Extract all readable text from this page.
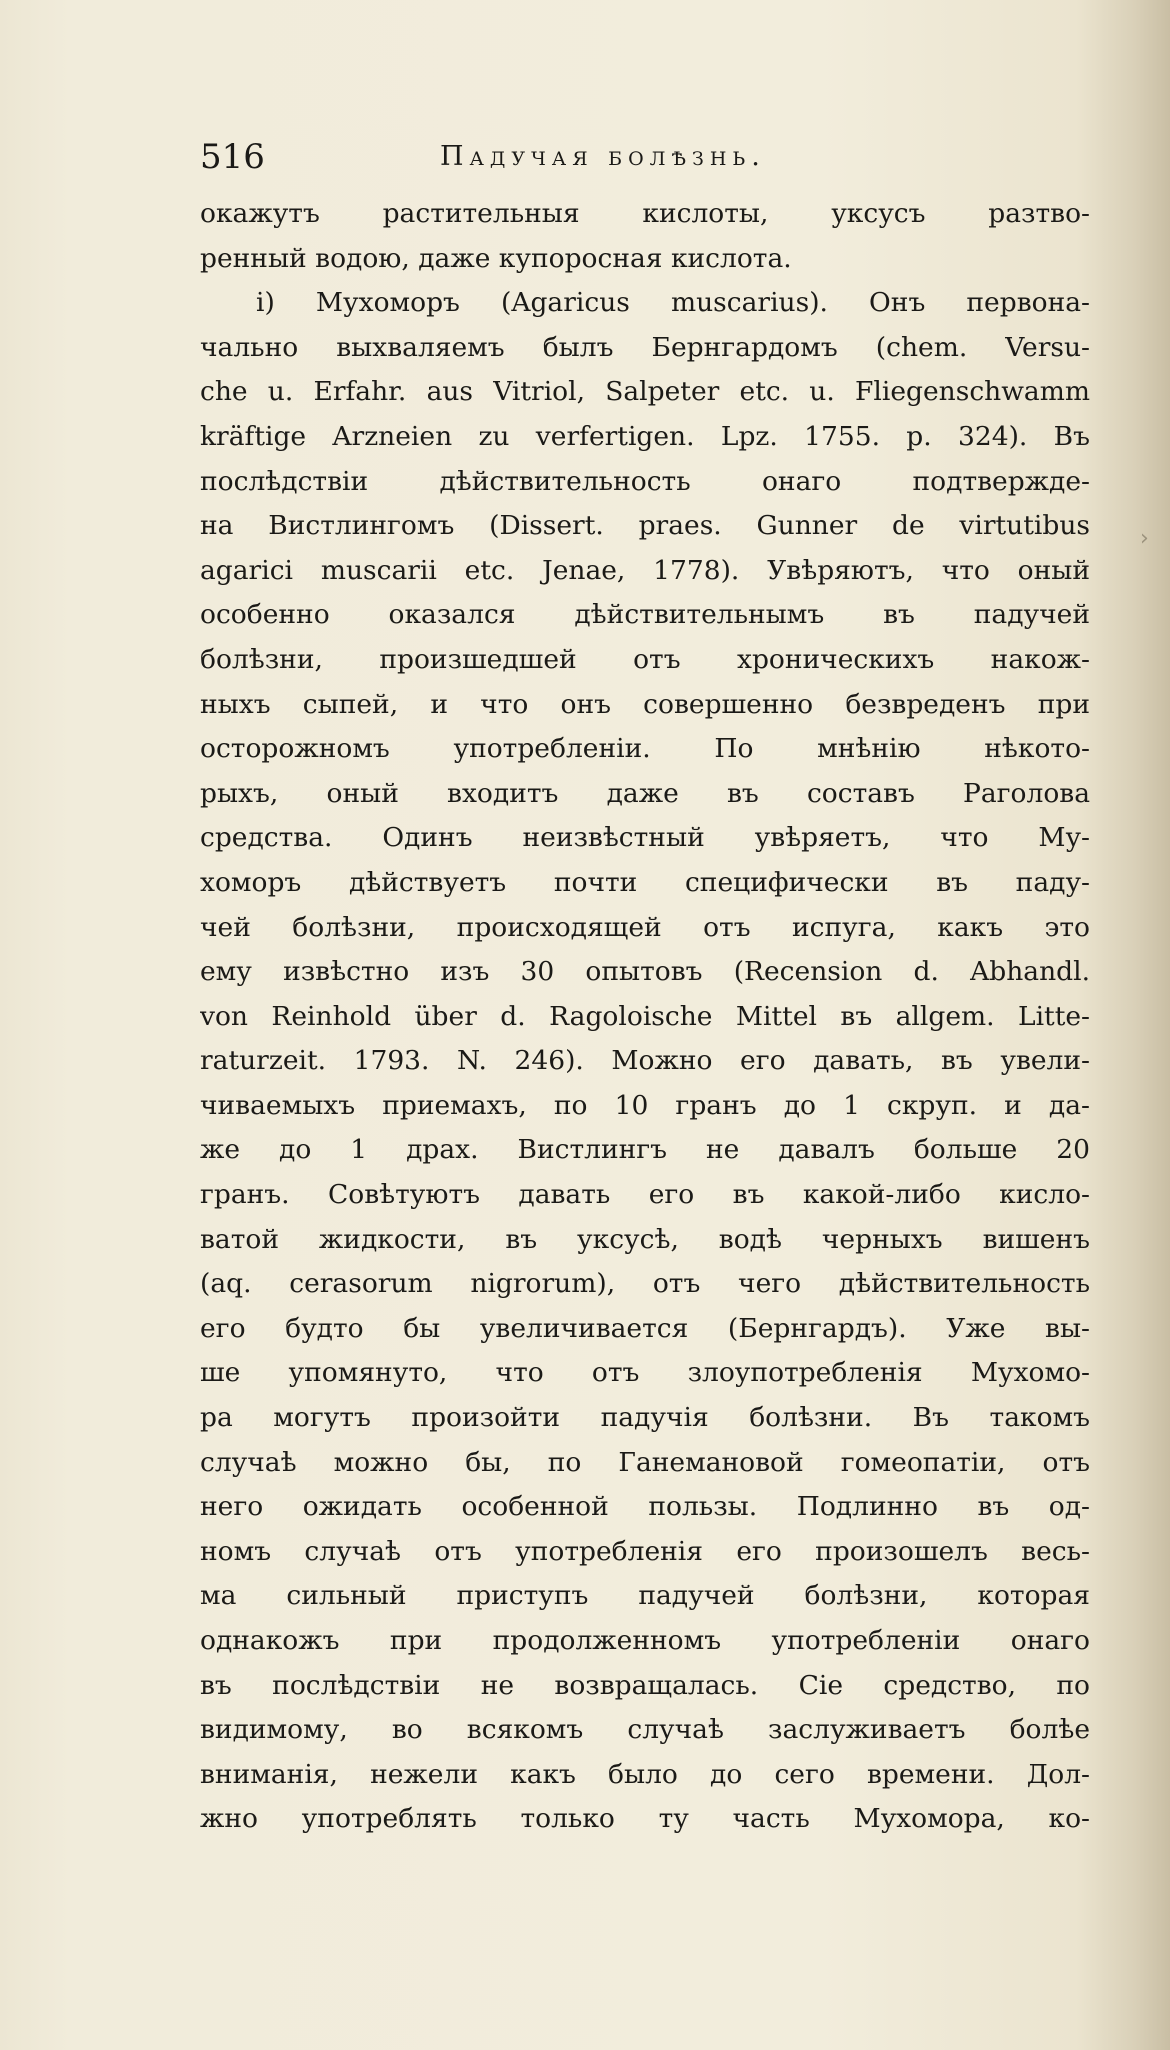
516	Падучая болѣзнь.
окажутъ растительныя кислоты, уксусъ разтво-
ренный водою, даже купоросная кислота.
i) Мухоморъ (Agaricus muscarius). Онъ первона-
чально выхваляемъ былъ Бернгардомъ (chem. Versu-
che u. Erfahr. aus Vitriol, Salpeter etc. u. Fliegenschwamm
kräftige Arzneien zu verfertigen. Lpz. 1755. p. 324). Въ
послѣдствіи дѣйствительность онаго подтвержде-
на Вистлингомъ (Dissert. praes. Gunner de virtutibus
agarici muscarii etc. Jenae, 1778). Увѣряютъ, что оный
особенно оказался дѣйствительнымъ въ падучей
болѣзни, произшедшей отъ хроническихъ накож-
ныхъ сыпей, и что онъ совершенно безвреденъ при
осторожномъ употребленіи. По мнѣнію нѣкото-
рыхъ, оный входитъ даже въ составъ Раголова
средства. Одинъ неизвѣстный увѣряетъ, что Му-
хоморъ дѣйствуетъ почти специфически въ паду-
чей болѣзни, происходящей отъ испуга, какъ это
ему извѣстно изъ 30 опытовъ (Recension d. Abhandl.
von Reinhold über d. Ragoloische Mittel въ allgem. Litte-
raturzeit. 1793. N. 246). Можно его давать, въ увели-
чиваемыхъ приемахъ, по 10 гранъ до 1 скруп. и да-
же до 1 драх. Вистлингъ не давалъ больше 20
гранъ. Совѣтуютъ давать его въ какой-либо кисло-
ватой жидкости, въ уксусѣ, водѣ черныхъ вишенъ
(aq. cerasorum nigrorum), отъ чего дѣйствительность
его будто бы увеличивается (Бернгардъ). Уже вы-
ше упомянуто, что отъ злоупотребленія Мухомо-
ра могутъ произойти падучія болѣзни. Въ такомъ
случаѣ можно бы, по Ганемановой гомеопатіи, отъ
него ожидать особенной пользы. Подлинно въ од-
номъ случаѣ отъ употребленія его произошелъ весь-
ма сильный приступъ падучей болѣзни, которая
однакожъ при продолженномъ употребленіи онаго
въ послѣдствіи не возвращалась. Сіе средство, по
видимому, во всякомъ случаѣ заслуживаетъ болѣе
вниманія, нежели какъ было до сего времени. Дол-
жно употреблять только ту часть Мухомора, ко-
›
